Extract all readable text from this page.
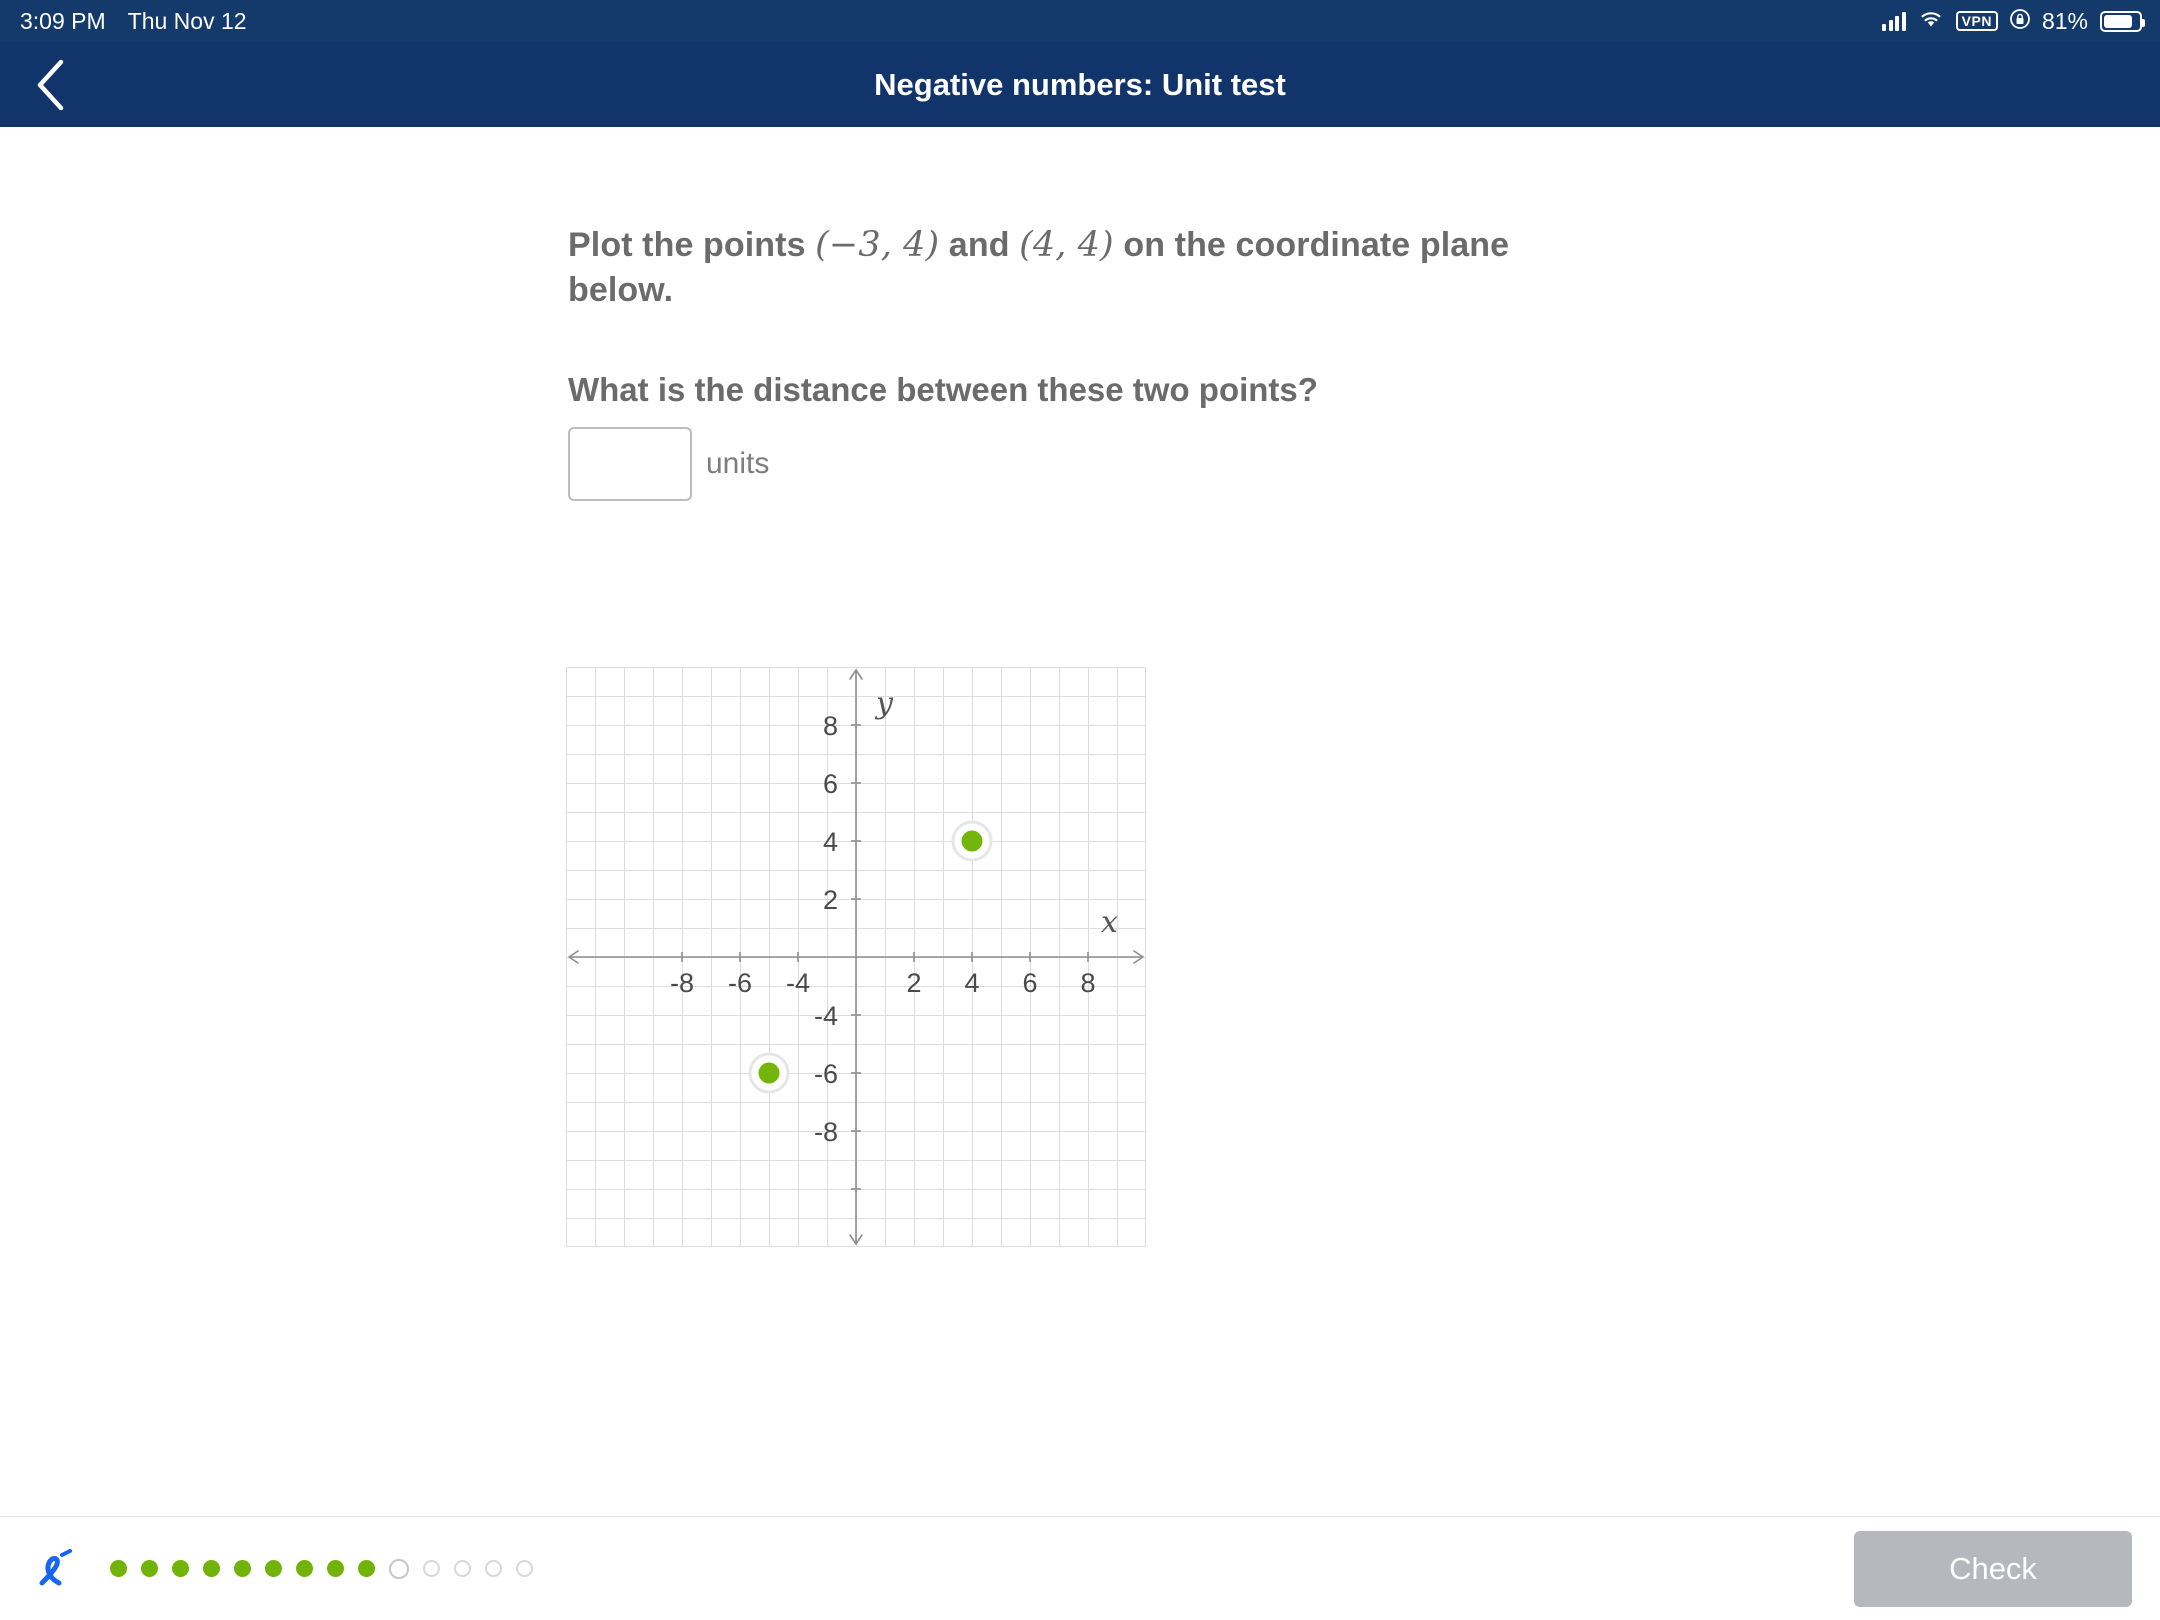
3:09 PM Thu Nov 12	VPN 81%
Negative numbers: Unit test
Plot the points (−3, 4) and (4, 4) on the coordinate plane below.
What is the distance between these two points?
units
y
x
-8 -6 -4	2 4 6 8
8
6
4
2
-4
-6
-8
Check
